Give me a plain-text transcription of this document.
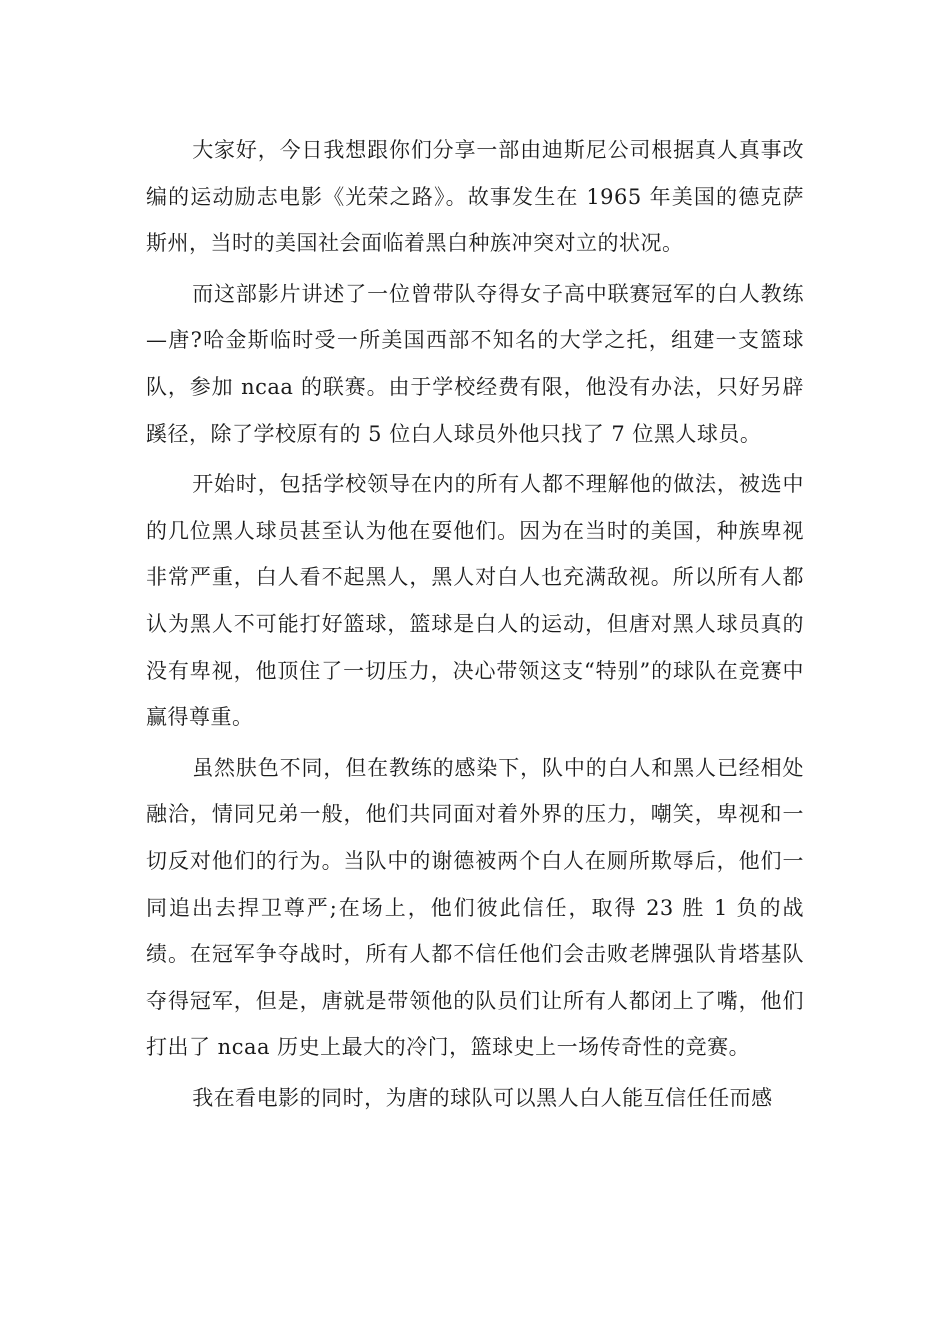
大家好，今日我想跟你们分享一部由迪斯尼公司根据真人真事改编的运动励志电影《光荣之路》。故事发生在 1965 年美国的德克萨斯州，当时的美国社会面临着黑白种族冲突对立的状况。

而这部影片讲述了一位曾带队夺得女子高中联赛冠军的白人教练—唐?哈金斯临时受一所美国西部不知名的大学之托，组建一支篮球队，参加 ncaa 的联赛。由于学校经费有限，他没有办法，只好另辟蹊径，除了学校原有的 5 位白人球员外他只找了 7 位黑人球员。

开始时，包括学校领导在内的所有人都不理解他的做法，被选中的几位黑人球员甚至认为他在耍他们。因为在当时的美国，种族卑视非常严重，白人看不起黑人，黑人对白人也充满敌视。所以所有人都认为黑人不可能打好篮球，篮球是白人的运动，但唐对黑人球员真的没有卑视，他顶住了一切压力，决心带领这支“特别”的球队在竞赛中赢得尊重。

虽然肤色不同，但在教练的感染下，队中的白人和黑人已经相处融洽，情同兄弟一般，他们共同面对着外界的压力，嘲笑，卑视和一切反对他们的行为。当队中的谢德被两个白人在厕所欺辱后，他们一同追出去捍卫尊严;在场上，他们彼此信任，取得 23 胜 1 负的战绩。在冠军争夺战时，所有人都不信任他们会击败老牌强队肯塔基队夺得冠军，但是，唐就是带领他的队员们让所有人都闭上了嘴，他们打出了 ncaa 历史上最大的冷门，篮球史上一场传奇性的竞赛。

我在看电影的同时，为唐的球队可以黑人白人能互信任任而感
